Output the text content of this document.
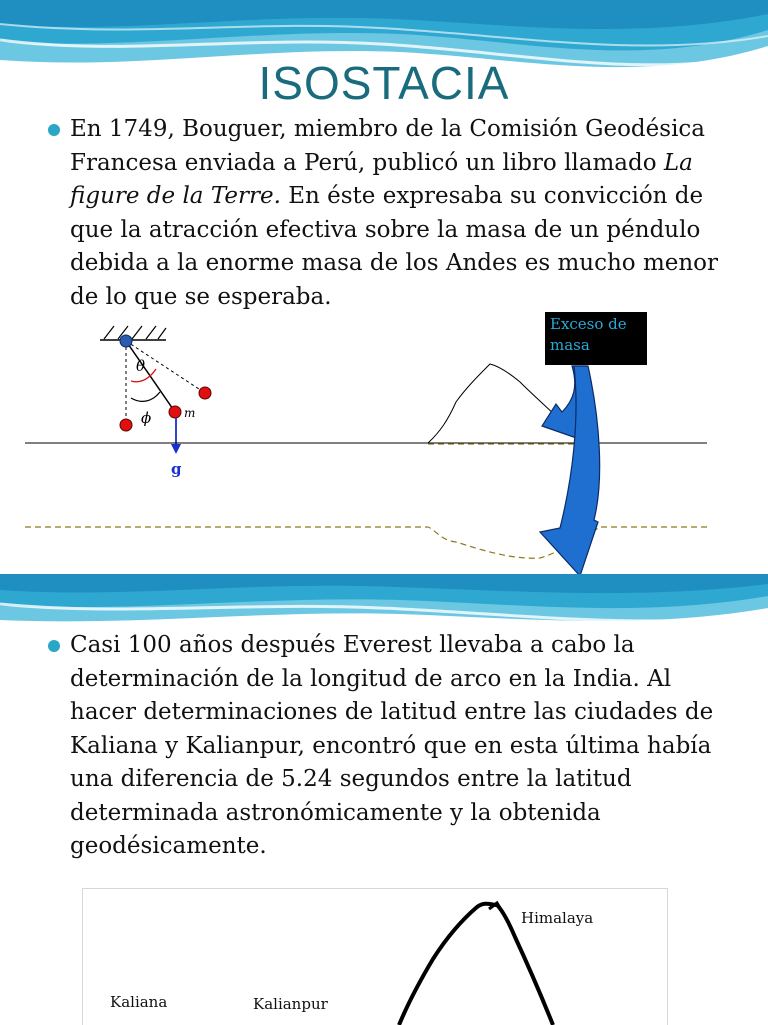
ISOSTACIA

En 1749, Bouguer, miembro de la Comisión Geodésica Francesa enviada a Perú, publicó un libro llamado La figure de la Terre. En éste expresaba su convicción de que la atracción efectiva sobre la masa de un péndulo debida a la enorme masa de los Andes es mucho menor de lo que se esperaba.

θ
ϕ	m
g
Exceso de masa

Casi 100 años después Everest llevaba a cabo la determinación de la longitud de arco en la India. Al hacer determinaciones de latitud entre las ciudades de Kaliana y Kalianpur, encontró que en esta última había una diferencia de 5.24 segundos entre la latitud determinada astronómicamente y la obtenida geodésicamente.

Himalaya
Kaliana	Kalianpur
